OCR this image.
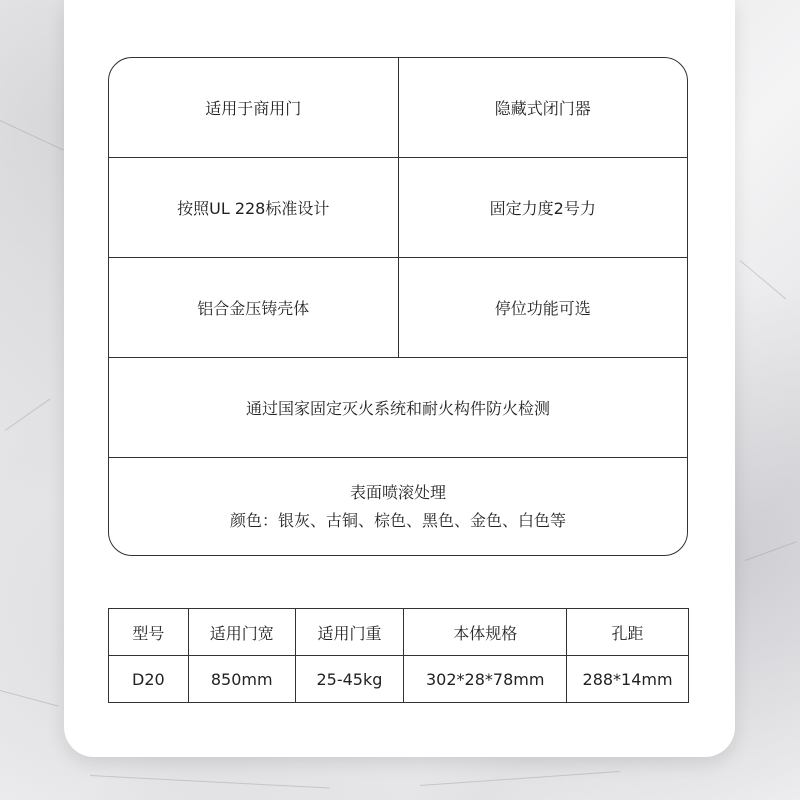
适用于商用门	隐藏式闭门器
按照UL 228标准设计	固定力度2号力
铝合金压铸壳体	停位功能可选
通过国家固定灭火系统和耐火构件防火检测
表面喷滚处理
颜色：银灰、古铜、棕色、黑色、金色、白色等
型号	适用门宽	适用门重	本体规格	孔距
D20	850mm	25-45kg	302*28*78mm	288*14mm
